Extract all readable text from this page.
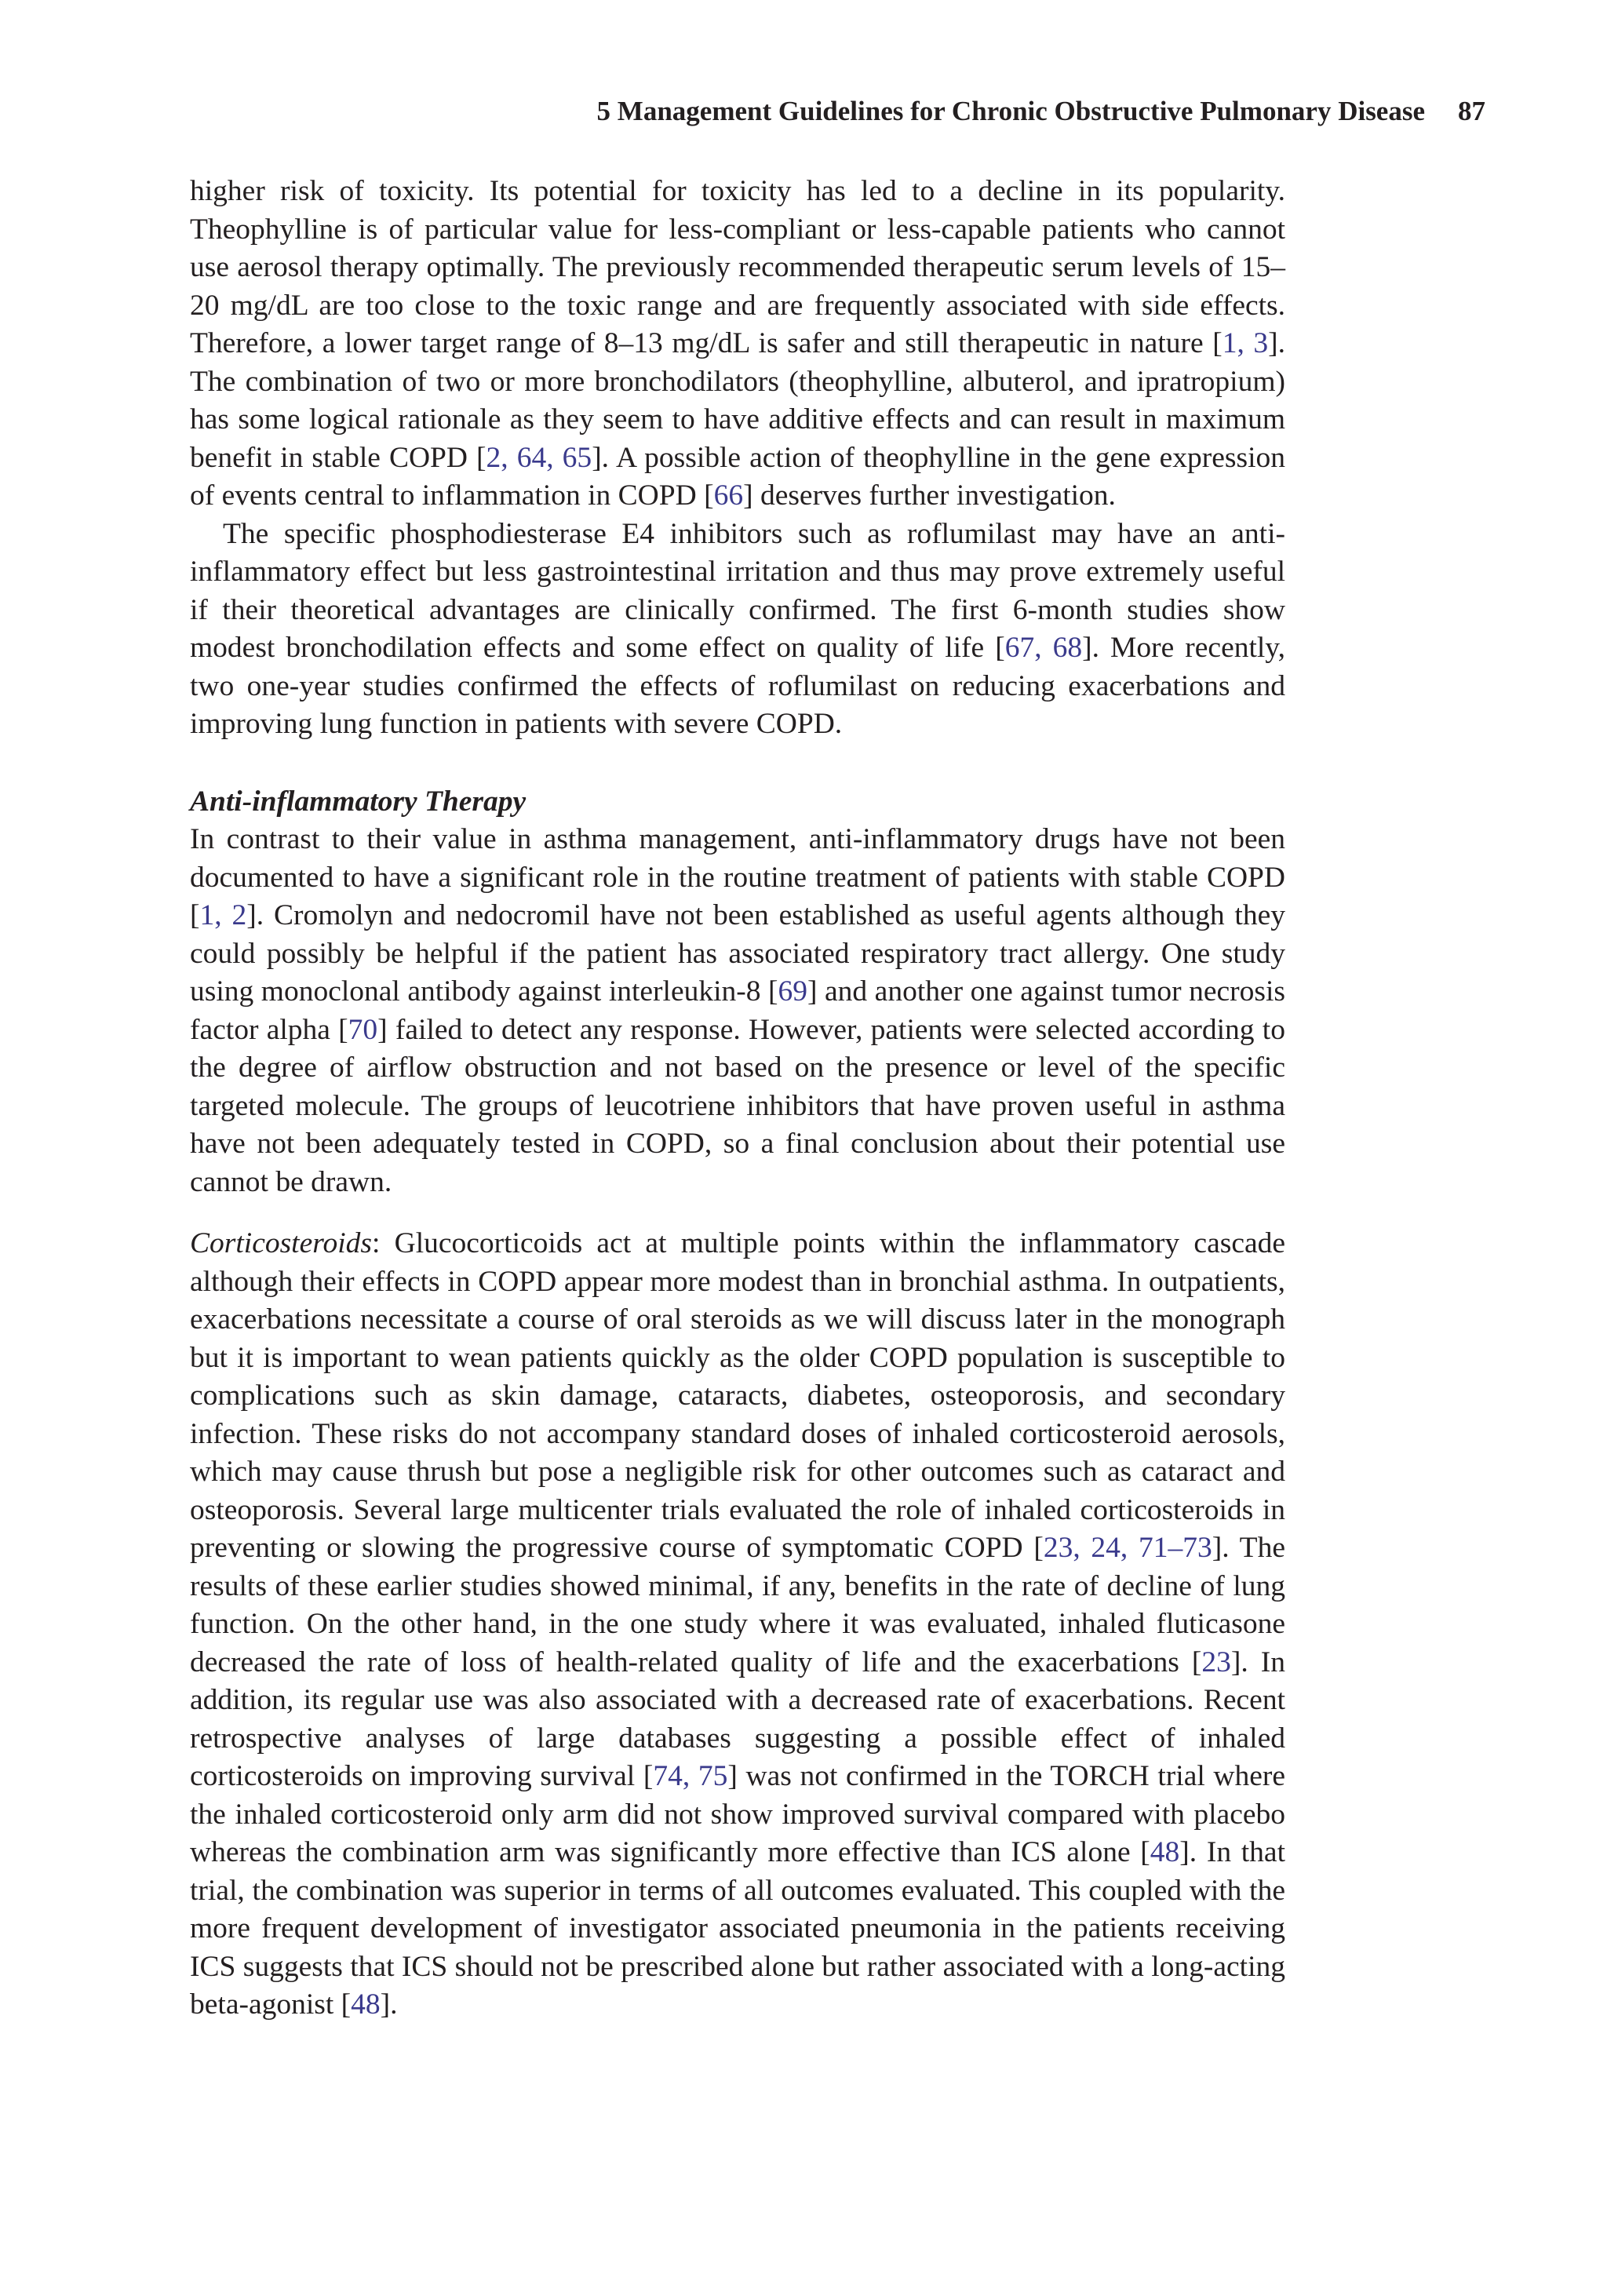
5 Management Guidelines for Chronic Obstructive Pulmonary Disease 87

higher risk of toxicity. Its potential for toxicity has led to a decline in its popularity. Theophylline is of particular value for less-compliant or less-capable patients who cannot use aerosol therapy optimally. The previously recommended therapeutic serum levels of 15–20 mg/dL are too close to the toxic range and are frequently associated with side effects. Therefore, a lower target range of 8–13 mg/dL is safer and still therapeutic in nature [1, 3]. The combination of two or more bronchodilators (theophylline, albuterol, and ipratropium) has some logical rationale as they seem to have additive effects and can result in maximum benefit in stable COPD [2, 64, 65]. A possible action of theophylline in the gene expression of events central to inflammation in COPD [66] deserves further investigation.

The specific phosphodiesterase E4 inhibitors such as roflumilast may have an anti-inflammatory effect but less gastrointestinal irritation and thus may prove extremely useful if their theoretical advantages are clinically confirmed. The first 6-month studies show modest bronchodilation effects and some effect on quality of life [67, 68]. More recently, two one-year studies confirmed the effects of roflumilast on reducing exacerbations and improving lung function in patients with severe COPD.

Anti-inflammatory Therapy

In contrast to their value in asthma management, anti-inflammatory drugs have not been documented to have a significant role in the routine treatment of patients with stable COPD [1, 2]. Cromolyn and nedocromil have not been established as useful agents although they could possibly be helpful if the patient has associated respiratory tract allergy. One study using monoclonal antibody against interleukin-8 [69] and another one against tumor necrosis factor alpha [70] failed to detect any response. However, patients were selected according to the degree of airflow obstruction and not based on the presence or level of the specific targeted molecule. The groups of leucotriene inhibitors that have proven useful in asthma have not been adequately tested in COPD, so a final conclusion about their potential use cannot be drawn.

Corticosteroids: Glucocorticoids act at multiple points within the inflammatory cascade although their effects in COPD appear more modest than in bronchial asthma. In outpatients, exacerbations necessitate a course of oral steroids as we will discuss later in the monograph but it is important to wean patients quickly as the older COPD population is susceptible to complications such as skin damage, cataracts, diabetes, osteoporosis, and secondary infection. These risks do not accompany standard doses of inhaled corticosteroid aerosols, which may cause thrush but pose a negligible risk for other outcomes such as cataract and osteoporosis. Several large multicenter trials evaluated the role of inhaled corticosteroids in preventing or slowing the progressive course of symptomatic COPD [23, 24, 71–73]. The results of these earlier studies showed minimal, if any, benefits in the rate of decline of lung function. On the other hand, in the one study where it was evaluated, inhaled fluticasone decreased the rate of loss of health-related quality of life and the exacerbations [23]. In addition, its regular use was also associated with a decreased rate of exacerbations. Recent retrospective analyses of large databases suggesting a possible effect of inhaled corticosteroids on improving survival [74, 75] was not confirmed in the TORCH trial where the inhaled corticosteroid only arm did not show improved survival compared with placebo whereas the combination arm was significantly more effective than ICS alone [48]. In that trial, the combination was superior in terms of all outcomes evaluated. This coupled with the more frequent development of investigator associated pneumonia in the patients receiving ICS suggests that ICS should not be prescribed alone but rather associated with a long-acting beta-agonist [48].
